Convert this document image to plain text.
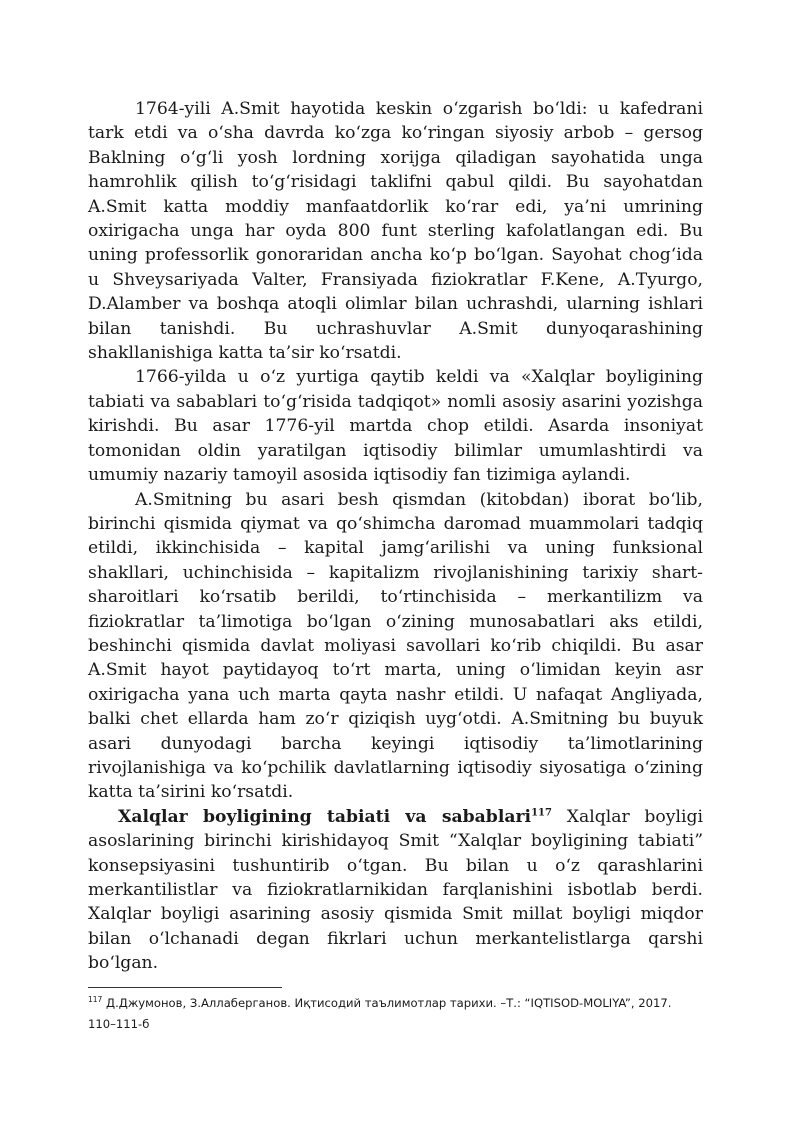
1764-yili A.Smit hayotida keskin oʻzgarish boʻldi: u kafedrani tark etdi va oʻsha davrda koʻzga koʻringan siyosiy arbob – gersog Baklning oʻgʻli yosh lordning xorijga qiladigan sayohatida unga hamrohlik qilish toʻgʻrisidagi taklifni qabul qildi. Bu sayohatdan A.Smit katta moddiy manfaatdorlik koʻrar edi, ya’ni umrining oxirigacha unga har oyda 800 funt sterling kafolatlangan edi. Bu uning professorlik gonoraridan ancha koʻp boʻlgan. Sayohat chogʻida u Shveysariyada Valter, Fransiyada fiziokratlar F.Kene, A.Tyurgo, D.Alamber va boshqa atoqli olimlar bilan uchrashdi, ularning ishlari bilan tanishdi. Bu uchrashuvlar A.Smit dunyoqarashining shakllanishiga katta ta’sir koʻrsatdi.

1766-yilda u oʻz yurtiga qaytib keldi va «Xalqlar boyligining tabiati va sabablari toʻgʻrisida tadqiqot» nomli asosiy asarini yozishga kirishdi. Bu asar 1776-yil martda chop etildi. Asarda insoniyat tomonidan oldin yaratilgan iqtisodiy bilimlar umumlashtirdi va umumiy nazariy tamoyil asosida iqtisodiy fan tizimiga aylandi.

A.Smitning bu asari besh qismdan (kitobdan) iborat boʻlib, birinchi qismida qiymat va qoʻshimcha daromad muammolari tadqiq etildi, ikkinchisida – kapital jamgʻarilishi va uning funksional shakllari, uchinchisida – kapitalizm rivojlanishining tarixiy shart-sharoitlari koʻrsatib berildi, toʻrtinchisida – merkantilizm va fiziokratlar ta’limotiga boʻlgan oʻzining munosabatlari aks etildi, beshinchi qismida davlat moliyasi savollari koʻrib chiqildi. Bu asar A.Smit hayot paytidayoq toʻrt marta, uning oʻlimidan keyin asr oxirigacha yana uch marta qayta nashr etildi. U nafaqat Angliyada, balki chet ellarda ham zoʻr qiziqish uygʻotdi. A.Smitning bu buyuk asari dunyodagi barcha keyingi iqtisodiy ta’limotlarining rivojlanishiga va koʻpchilik davlatlarning iqtisodiy siyosatiga oʻzining katta ta’sirini koʻrsatdi.

Xalqlar boyligining tabiati va sabablari$^{117}$ Xalqlar boyligi asoslarining birinchi kirishidayoq Smit “Xalqlar boyligining tabiati” konsepsiyasini tushuntirib oʻtgan. Bu bilan u oʻz qarashlarini merkantilistlar va fiziokratlarnikidan farqlanishini isbotlab berdi. Xalqlar boyligi asarining asosiy qismida Smit millat boyligi miqdor bilan oʻlchanadi degan fikrlari uchun merkantelistlarga qarshi boʻlgan.

$^{117}$ Д.Джумонов, З.Аллаберганов. Иқтисодий таълимотлар тарихи. –Т.: “IQTISOD-MOLIYA”, 2017. 110–111-б
